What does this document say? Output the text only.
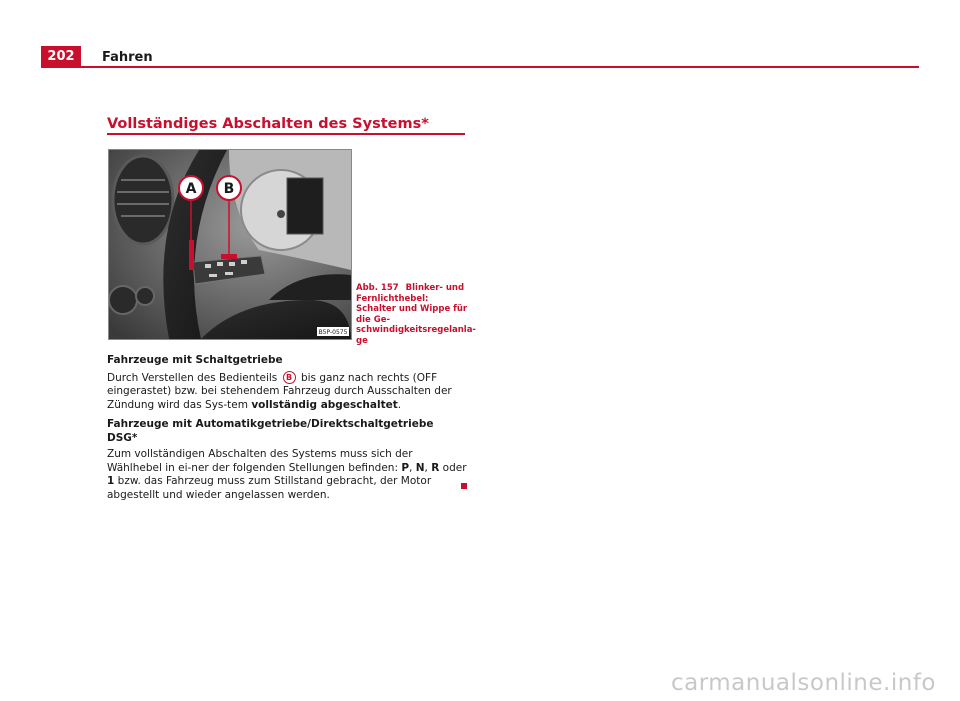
202	Fahren
Vollständiges Abschalten des Systems*
A B
B5P-0575
Abb. 157 Blinker- und Fernlichthebel: Schalter und Wippe für die Ge-schwindigkeitsregelanla-ge

Fahrzeuge mit Schaltgetriebe

Durch Verstellen des Bedienteils B bis ganz nach rechts (OFF eingerastet) bzw. bei stehendem Fahrzeug durch Ausschalten der Zündung wird das Sys-tem vollständig abgeschaltet.

Fahrzeuge mit Automatikgetriebe/Direktschaltgetriebe DSG*

Zum vollständigen Abschalten des Systems muss sich der Wählhebel in ei-ner der folgenden Stellungen befinden: P, N, R oder 1 bzw. das Fahrzeug muss zum Stillstand gebracht, der Motor abgestellt und wieder angelassen werden.

carmanualsonline.info
